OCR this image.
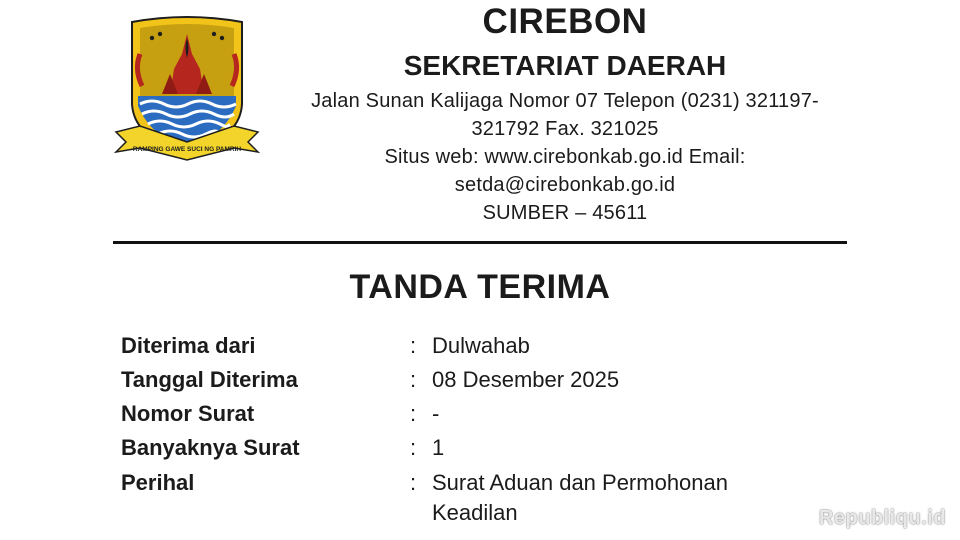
RAMPING GAWE SUCI NG PAMRIH
CIREBON
SEKRETARIAT DAERAH
Jalan Sunan Kalijaga Nomor 07 Telepon (0231) 321197-
321792 Fax. 321025
Situs web: www.cirebonkab.go.id Email:
setda@cirebonkab.go.id
SUMBER – 45611
TANDA TERIMA
Diterima dari	: Dulwahab
Tanggal Diterima	: 08 Desember 2025
Nomor Surat	: -
Banyaknya Surat	: 1
Perihal	: Surat Aduan dan Permohonan
Keadilan	Republiqu.id
